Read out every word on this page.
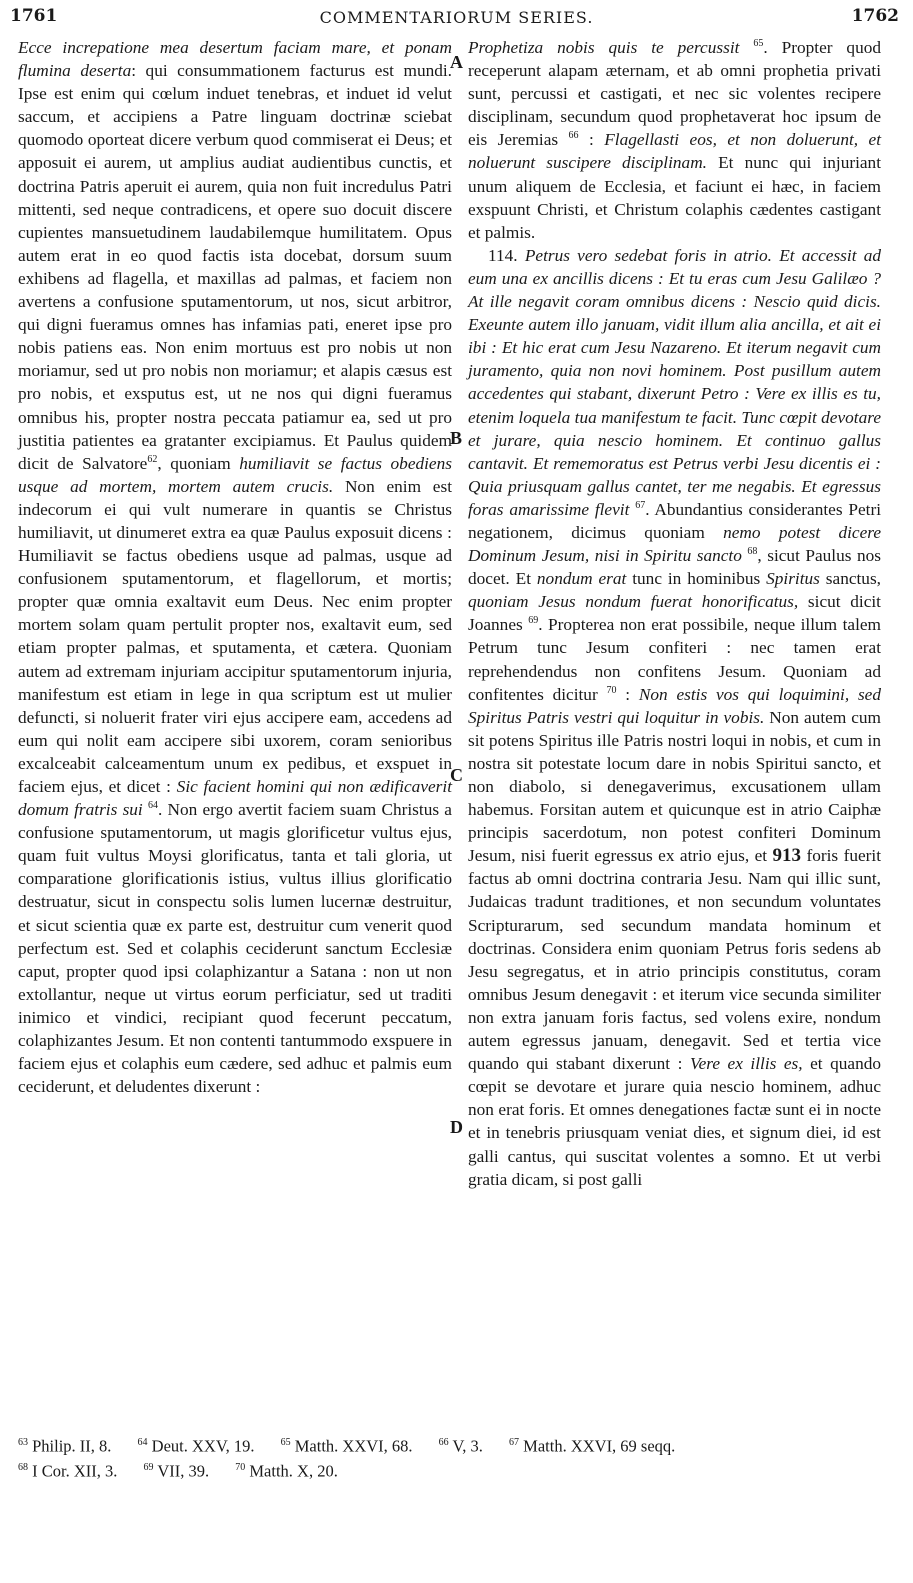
1761	COMMENTARIORUM SERIES.	1762
A
B
C
D

Ecce increpatione mea desertum faciam mare, et ponam flumina deserta: qui consummationem facturus est mundi. Ipse est enim qui cœlum induet tenebras, et induet id velut saccum, et accipiens a Patre linguam doctrinæ sciebat quomodo oporteat dicere verbum quod commiserat ei Deus; et apposuit ei aurem, ut amplius audiat audientibus cunctis, et doctrina Patris aperuit ei aurem, quia non fuit incredulus Patri mittenti, sed neque contradicens, et opere suo docuit discere cupientes mansuetudinem laudabilemque humilitatem. Opus autem erat in eo quod factis ista docebat, dorsum suum exhibens ad flagella, et maxillas ad palmas, et faciem non avertens a confusione sputamentorum, ut nos, sicut arbitror, qui digni fueramus omnes has infamias pati, eneret ipse pro nobis patiens eas. Non enim mortuus est pro nobis ut non moriamur, sed ut pro nobis non moriamur; et alapis cæsus est pro nobis, et exsputus est, ut ne nos qui digni fueramus omnibus his, propter nostra peccata patiamur ea, sed ut pro justitia patientes ea gratanter excipiamus. Et Paulus quidem dicit de Salvatore$^{62}$, quoniam humiliavit se factus obediens usque ad mortem, mortem autem crucis. Non enim est indecorum ei qui vult numerare in quantis se Christus humiliavit, ut dinumeret extra ea quæ Paulus exposuit dicens : Humiliavit se factus obediens usque ad palmas, usque ad confusionem sputamentorum, et flagellorum, et mortis; propter quæ omnia exaltavit eum Deus. Nec enim propter mortem solam quam pertulit propter nos, exaltavit eum, sed etiam propter palmas, et sputamenta, et cætera. Quoniam autem ad extremam injuriam accipitur sputamentorum injuria, manifestum est etiam in lege in qua scriptum est ut mulier defuncti, si noluerit frater viri ejus accipere eam, accedens ad eum qui nolit eam accipere sibi uxorem, coram senioribus excalceabit calceamentum unum ex pedibus, et exspuet in faciem ejus, et dicet : Sic facient homini qui non ædificaverit domum fratris sui $^{64}$. Non ergo avertit faciem suam Christus a confusione sputamentorum, ut magis glorificetur vultus ejus, quam fuit vultus Moysi glorificatus, tanta et tali gloria, ut comparatione glorificationis istius, vultus illius glorificatio destruatur, sicut in conspectu solis lumen lucernæ destruitur, et sicut scientia quæ ex parte est, destruitur cum venerit quod perfectum est. Sed et colaphis ceciderunt sanctum Ecclesiæ caput, propter quod ipsi colaphizantur a Satana : non ut non extollantur, neque ut virtus eorum perficiatur, sed ut traditi inimico et vindici, recipiant quod fecerunt peccatum, colaphizantes Jesum. Et non contenti tantummodo exspuere in faciem ejus et colaphis eum cædere, sed adhuc et palmis eum ceciderunt, et deludentes dixerunt :

Prophetiza nobis quis te percussit $^{65}$. Propter quod receperunt alapam æternam, et ab omni prophetia privati sunt, percussi et castigati, et nec sic volentes recipere disciplinam, secundum quod prophetaverat hoc ipsum de eis Jeremias $^{66}$ : Flagellasti eos, et non doluerunt, et noluerunt suscipere disciplinam. Et nunc qui injuriant unum aliquem de Ecclesia, et faciunt ei hæc, in faciem exspuunt Christi, et Christum colaphis cædentes castigant et palmis.

114. Petrus vero sedebat foris in atrio. Et accessit ad eum una ex ancillis dicens : Et tu eras cum Jesu Galilæo ? At ille negavit coram omnibus dicens : Nescio quid dicis. Exeunte autem illo januam, vidit illum alia ancilla, et ait ei ibi : Et hic erat cum Jesu Nazareno. Et iterum negavit cum juramento, quia non novi hominem. Post pusillum autem accedentes qui stabant, dixerunt Petro : Vere ex illis es tu, etenim loquela tua manifestum te facit. Tunc cœpit devotare et jurare, quia nescio hominem. Et continuo gallus cantavit. Et rememoratus est Petrus verbi Jesu dicentis ei : Quia priusquam gallus cantet, ter me negabis. Et egressus foras amarissime flevit $^{67}$. Abundantius considerantes Petri negationem, dicimus quoniam nemo potest dicere Dominum Jesum, nisi in Spiritu sancto $^{68}$, sicut Paulus nos docet. Et nondum erat tunc in hominibus Spiritus sanctus, quoniam Jesus nondum fuerat honorificatus, sicut dicit Joannes $^{69}$. Propterea non erat possibile, neque illum talem Petrum tunc Jesum confiteri : nec tamen erat reprehendendus non confitens Jesum. Quoniam ad confitentes dicitur $^{70}$ : Non estis vos qui loquimini, sed Spiritus Patris vestri qui loquitur in vobis. Non autem cum sit potens Spiritus ille Patris nostri loqui in nobis, et cum in nostra sit potestate locum dare in nobis Spiritui sancto, et non diabolo, si denegaverimus, excusationem ullam habemus. Forsitan autem et quicunque est in atrio Caiphæ principis sacerdotum, non potest confiteri Dominum Jesum, nisi fuerit egressus ex atrio ejus, et 913 foris fuerit factus ab omni doctrina contraria Jesu. Nam qui illic sunt, Judaicas tradunt traditiones, et non secundum voluntates Scripturarum, sed secundum mandata hominum et doctrinas. Considera enim quoniam Petrus foris sedens ab Jesu segregatus, et in atrio principis constitutus, coram omnibus Jesum denegavit : et iterum vice secunda similiter non extra januam foris factus, sed volens exire, nondum autem egressus januam, denegavit. Sed et tertia vice quando qui stabant dixerunt : Vere ex illis es, et quando cœpit se devotare et jurare quia nescio hominem, adhuc non erat foris. Et omnes denegationes factæ sunt ei in nocte et in tenebris priusquam veniat dies, et signum diei, id est galli cantus, qui suscitat volentes a somno. Et ut verbi gratia dicam, si post galli

$^{63}$ Philip. II, 8.	$^{64}$ Deut. XXV, 19.	$^{65}$ Matth. XXVI, 68.	$^{66}$ V, 3.	$^{67}$ Matth. XXVI, 69 seqq.
$^{68}$ I Cor. XII, 3.	$^{69}$ VII, 39.	$^{70}$ Matth. X, 20.
